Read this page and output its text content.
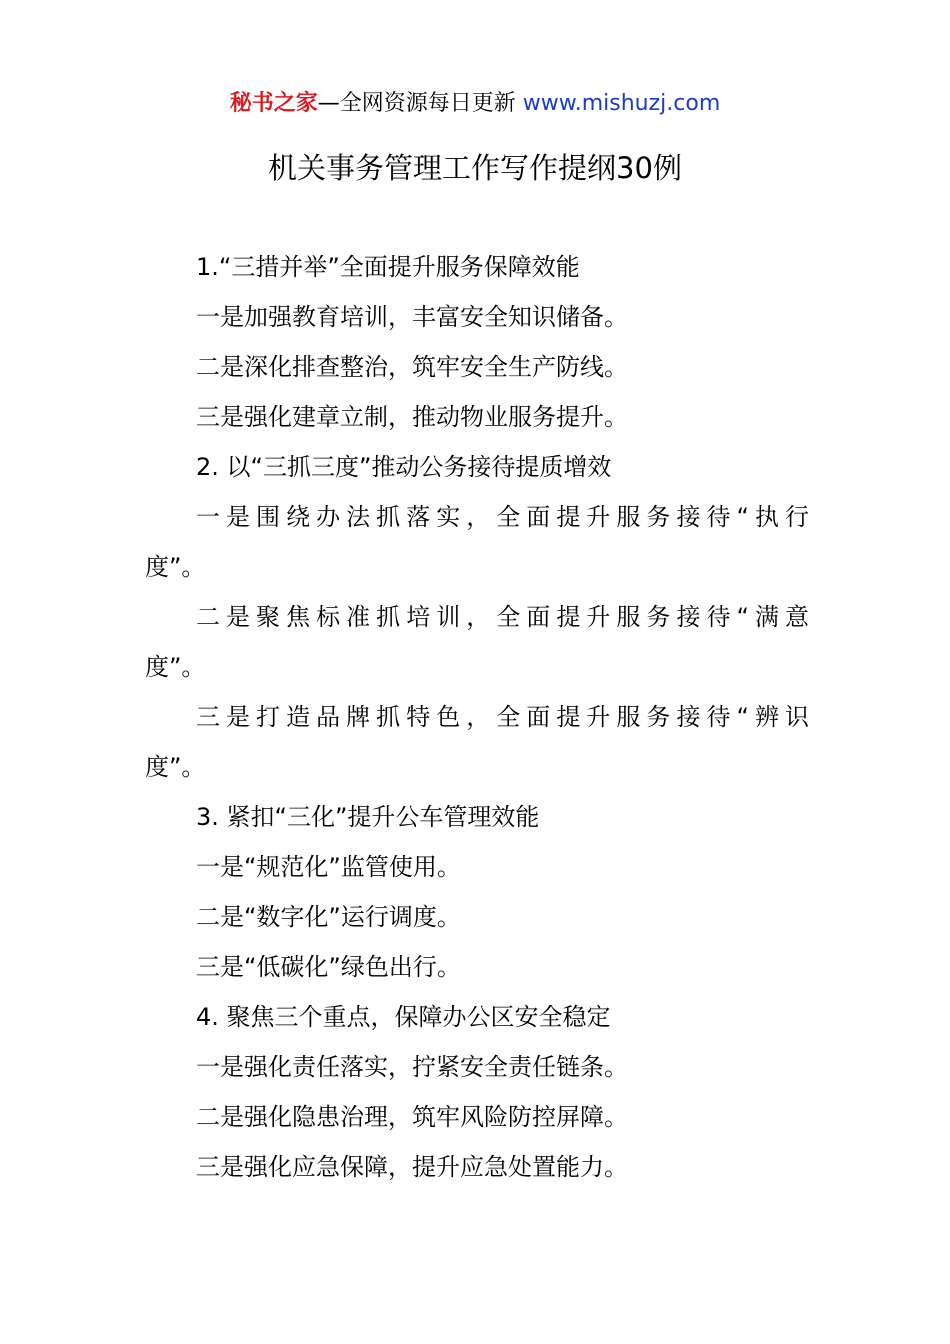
秘书之家—全网资源每日更新 www.mishuzj.com
机关事务管理工作写作提纲30例
1.“三措并举”全面提升服务保障效能
一是加强教育培训，丰富安全知识储备。
二是深化排查整治，筑牢安全生产防线。
三是强化建章立制，推动物业服务提升。
2. 以“三抓三度”推动公务接待提质增效
一是围绕办法抓落实，全面提升服务接待“执行
度”。
二是聚焦标准抓培训，全面提升服务接待“满意
度”。
三是打造品牌抓特色，全面提升服务接待“辨识
度”。
3. 紧扣“三化”提升公车管理效能
一是“规范化”监管使用。
二是“数字化”运行调度。
三是“低碳化”绿色出行。
4. 聚焦三个重点，保障办公区安全稳定
一是强化责任落实，拧紧安全责任链条。
二是强化隐患治理，筑牢风险防控屏障。
三是强化应急保障，提升应急处置能力。
